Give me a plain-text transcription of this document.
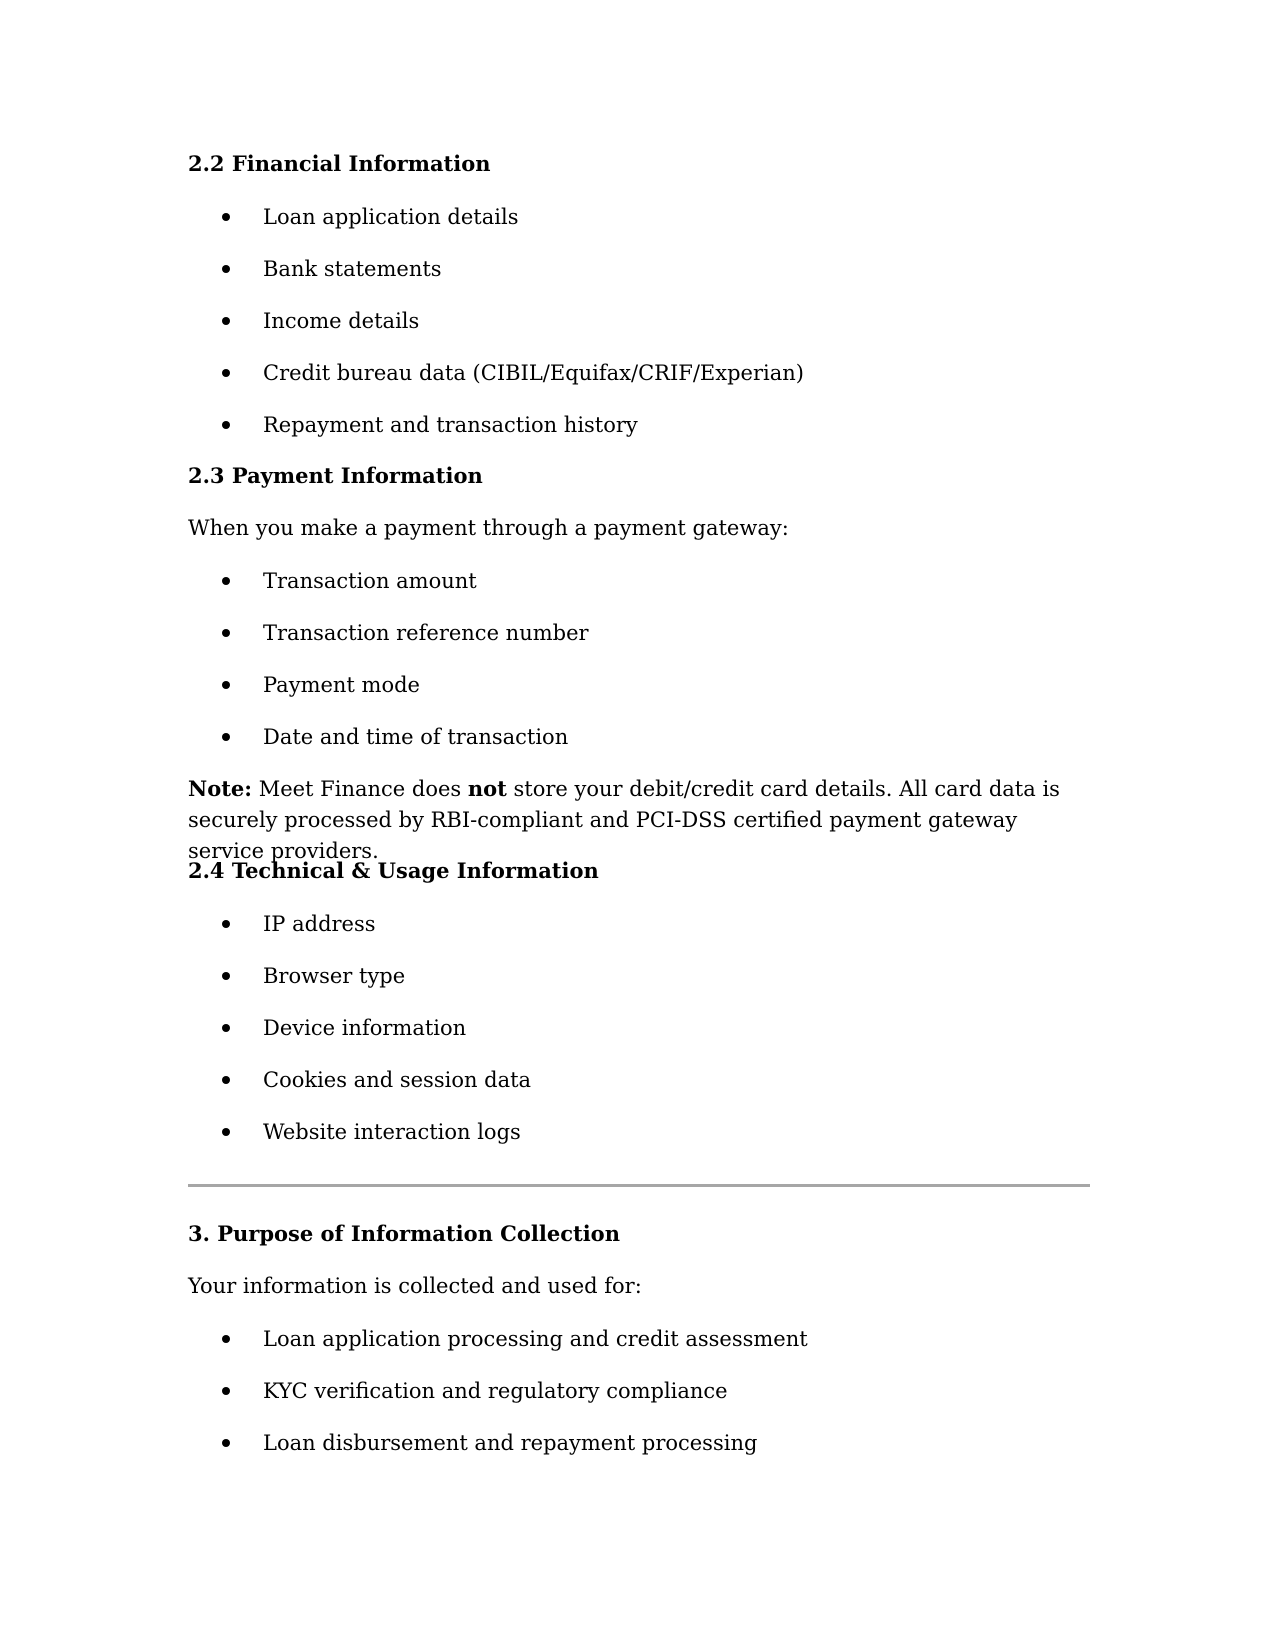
2.2 Financial Information
Loan application details
Bank statements
Income details
Credit bureau data (CIBIL/Equifax/CRIF/Experian)
Repayment and transaction history
2.3 Payment Information
When you make a payment through a payment gateway:
Transaction amount
Transaction reference number
Payment mode
Date and time of transaction
Note: Meet Finance does not store your debit/credit card details. All card data is securely processed by RBI-compliant and PCI-DSS certified payment gateway service providers.
2.4 Technical & Usage Information
IP address
Browser type
Device information
Cookies and session data
Website interaction logs
3. Purpose of Information Collection
Your information is collected and used for:
Loan application processing and credit assessment
KYC verification and regulatory compliance
Loan disbursement and repayment processing
